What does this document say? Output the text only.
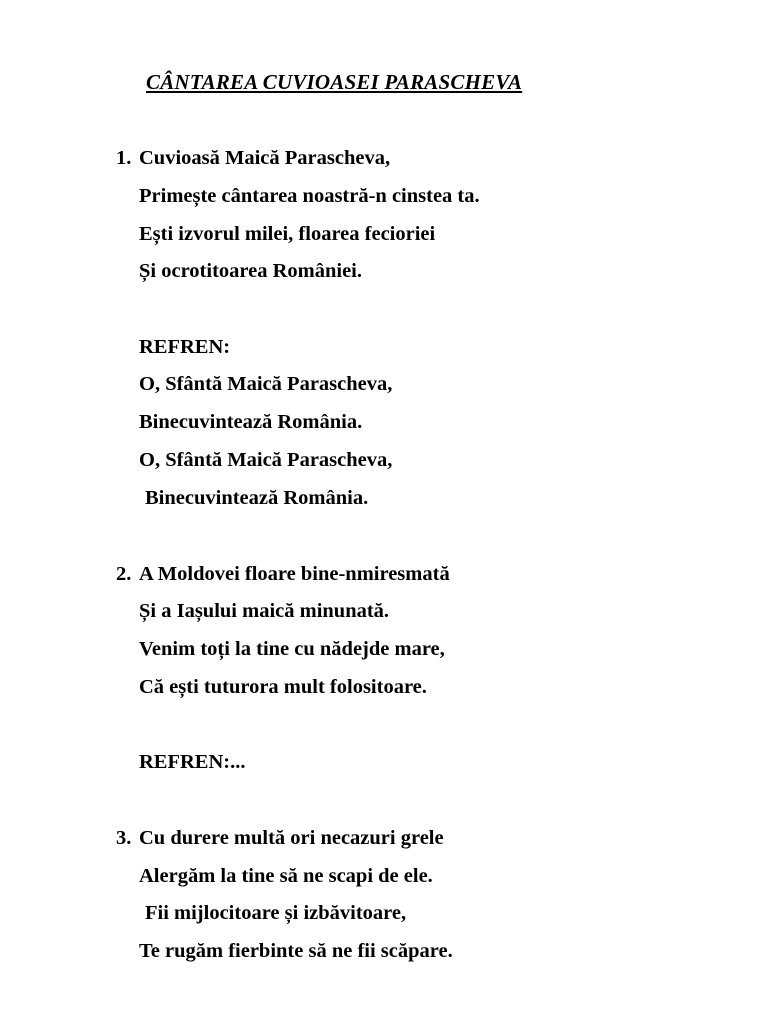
CÂNTAREA CUVIOASEI PARASCHEVA
1. Cuvioasă Maică Parascheva,
Primește cântarea noastră-n cinstea ta.
Ești izvorul milei, floarea fecioriei
Și ocrotitoarea României.
REFREN:
O, Sfântă Maică Parascheva,
Binecuvintează România.
O, Sfântă Maică Parascheva,
Binecuvintează România.
2. A Moldovei floare bine-nmiresmată
Și a Iașului maică minunată.
Venim toți la tine cu nădejde mare,
Că ești tuturora mult folositoare.
REFREN:...
3. Cu durere multă ori necazuri grele
Alergăm la tine să ne scapi de ele.
Fii mijlocitoare și izbăvitoare,
Te rugăm fierbinte să ne fii scăpare.
